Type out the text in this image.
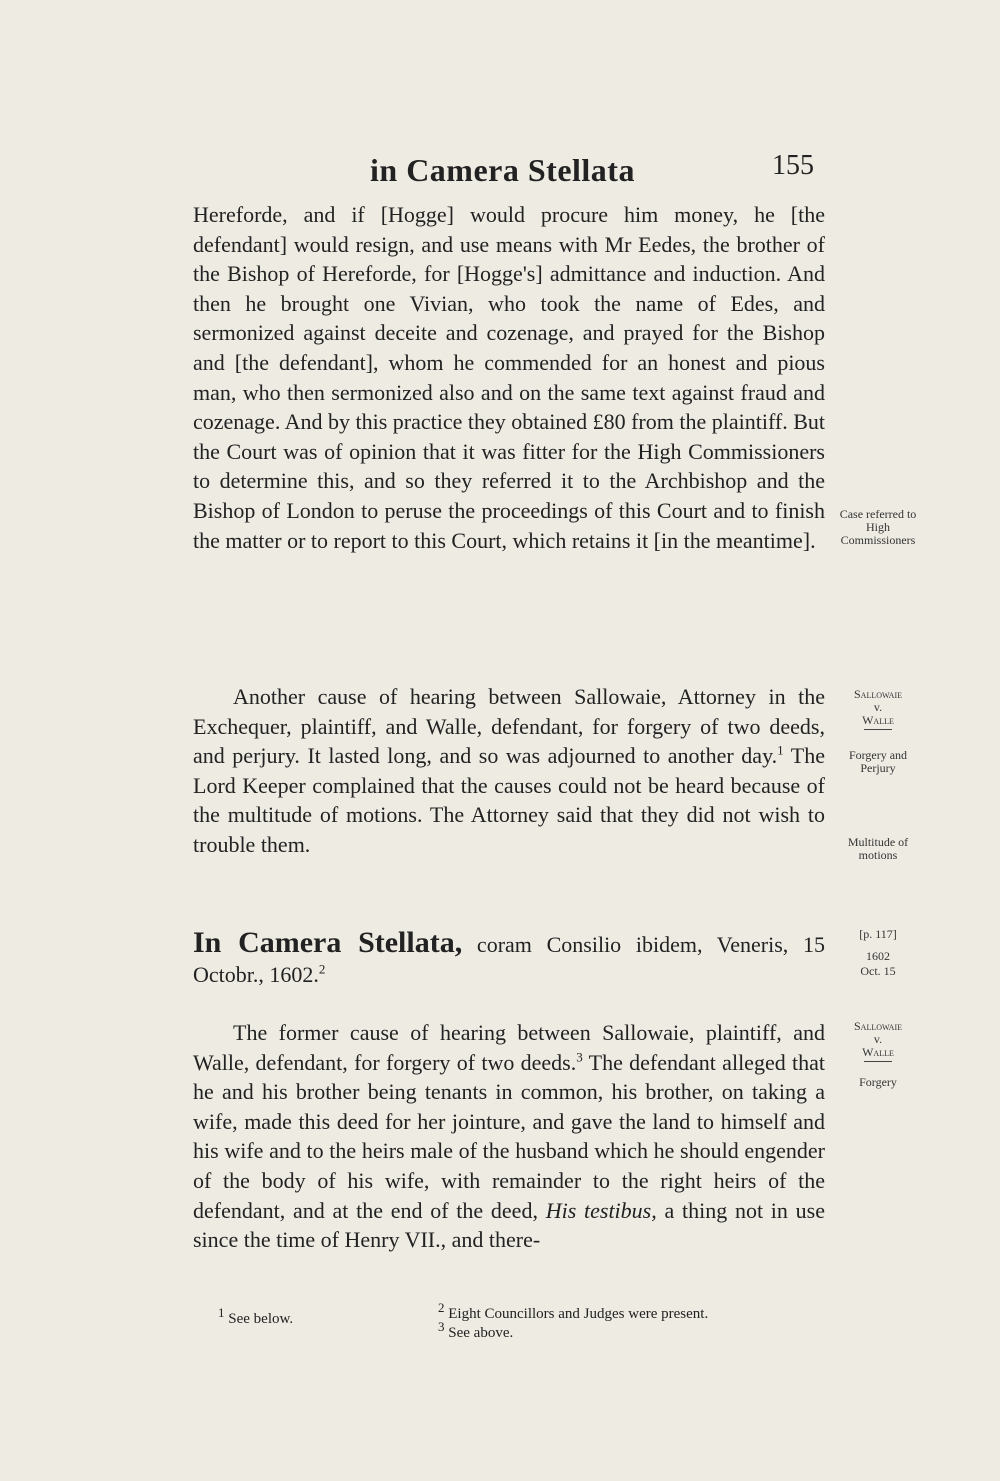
in Camera Stellata	155
Hereforde, and if [Hogge] would procure him money, he [the defendant] would resign, and use means with Mr Eedes, the brother of the Bishop of Hereforde, for [Hogge's] admittance and induction. And then he brought one Vivian, who took the name of Edes, and sermonized against deceite and cozenage, and prayed for the Bishop and [the defendant], whom he commended for an honest and pious man, who then sermonized also and on the same text against fraud and cozenage. And by this practice they obtained £80 from the plaintiff. But the Court was of opinion that it was fitter for the High Commissioners to determine this, and so they referred it to the Archbishop and the Bishop of London to peruse the proceedings of this Court and to finish the matter or to report to this Court, which retains it [in the meantime].
Another cause of hearing between Sallowaie, Attorney in the Exchequer, plaintiff, and Walle, defendant, for forgery of two deeds, and perjury. It lasted long, and so was adjourned to another day.$^1$ The Lord Keeper complained that the causes could not be heard because of the multitude of motions. The Attorney said that they did not wish to trouble them.
In Camera Stellata, coram Consilio ibidem, Veneris, 15 Octobr., 1602.$^2$
The former cause of hearing between Sallowaie, plaintiff, and Walle, defendant, for forgery of two deeds.$^3$ The defendant alleged that he and his brother being tenants in common, his brother, on taking a wife, made this deed for her jointure, and gave the land to himself and his wife and to the heirs male of the husband which he should engender of the body of his wife, with remainder to the right heirs of the defendant, and at the end of the deed, His testibus, a thing not in use since the time of Henry VII., and there-
Case referred to High Commissioners
Sallowaie
v.
Walle
Forgery and Perjury
Multitude of motions
[p. 117]
1602
Oct. 15
Sallowaie
v.
Walle
Forgery
$^1$ See below.
$^2$ Eight Councillors and Judges were present.
$^3$ See above.
